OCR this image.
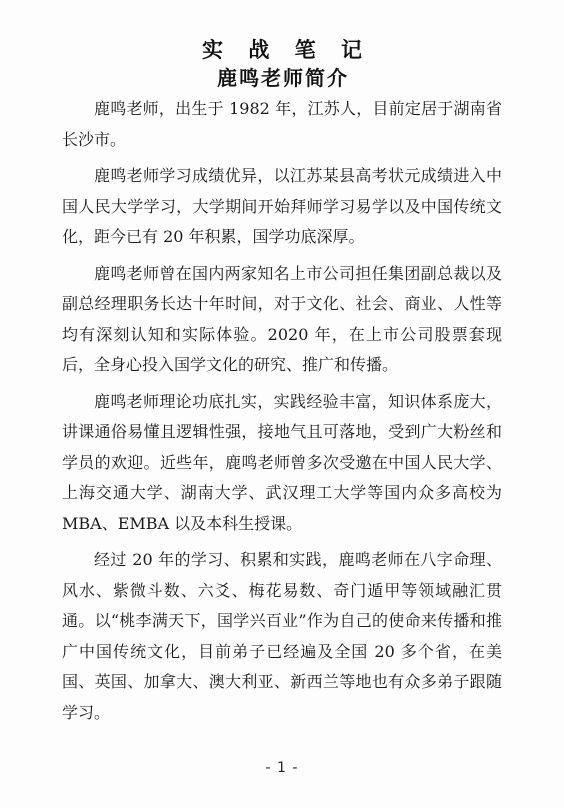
实 战 笔 记
鹿鸣老师简介

鹿鸣老师，出生于 1982 年，江苏人，目前定居于湖南省长沙市。

鹿鸣老师学习成绩优异，以江苏某县高考状元成绩进入中国人民大学学习，大学期间开始拜师学习易学以及中国传统文化，距今已有 20 年积累，国学功底深厚。

鹿鸣老师曾在国内两家知名上市公司担任集团副总裁以及副总经理职务长达十年时间，对于文化、社会、商业、人性等均有深刻认知和实际体验。2020 年，在上市公司股票套现后，全身心投入国学文化的研究、推广和传播。

鹿鸣老师理论功底扎实，实践经验丰富，知识体系庞大，讲课通俗易懂且逻辑性强，接地气且可落地，受到广大粉丝和学员的欢迎。近些年，鹿鸣老师曾多次受邀在中国人民大学、上海交通大学、湖南大学、武汉理工大学等国内众多高校为 MBA、EMBA 以及本科生授课。

经过 20 年的学习、积累和实践，鹿鸣老师在八字命理、风水、紫微斗数、六爻、梅花易数、奇门遁甲等领域融汇贯通。以“桃李满天下，国学兴百业”作为自己的使命来传播和推广中国传统文化，目前弟子已经遍及全国 20 多个省，在美国、英国、加拿大、澳大利亚、新西兰等地也有众多弟子跟随学习。

- 1 -
